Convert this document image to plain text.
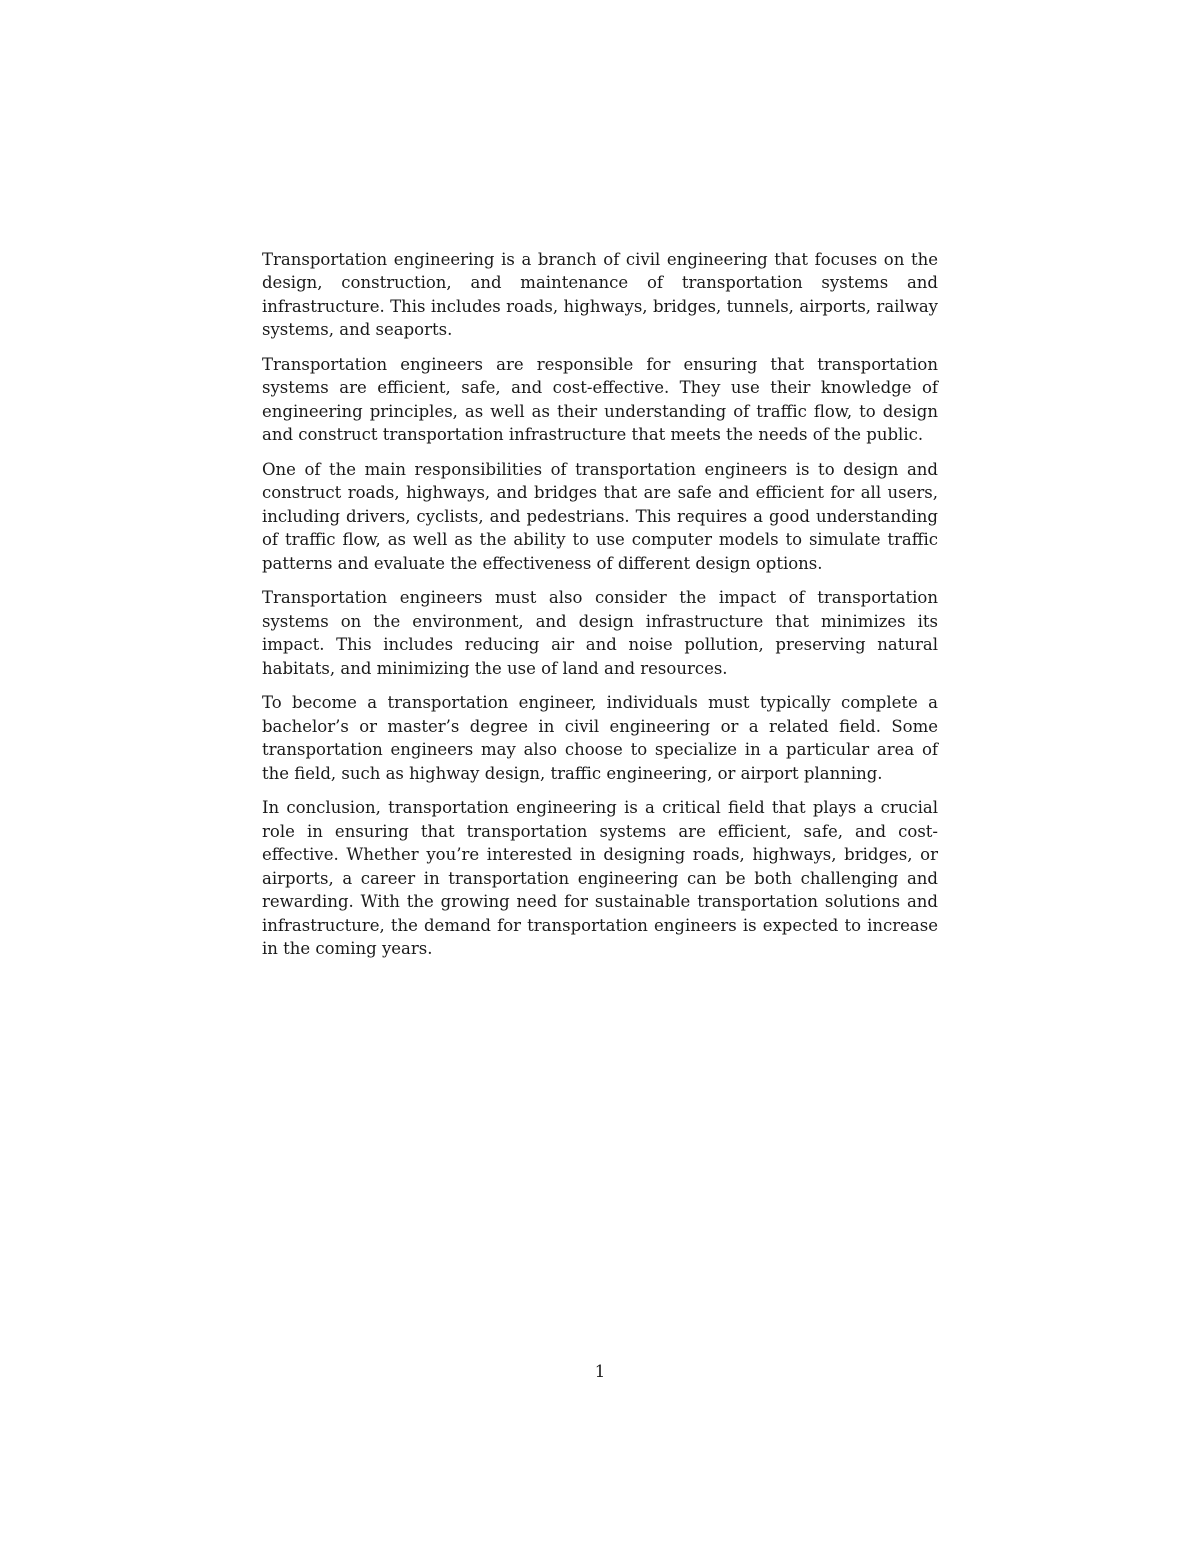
Transportation engineering is a branch of civil engineering that focuses on the design, construction, and maintenance of transportation systems and infrastructure. This includes roads, highways, bridges, tunnels, airports, railway systems, and seaports.

Transportation engineers are responsible for ensuring that transportation systems are efficient, safe, and cost-effective. They use their knowledge of engineering principles, as well as their understanding of traffic flow, to design and construct transportation infrastructure that meets the needs of the public.

One of the main responsibilities of transportation engineers is to design and construct roads, highways, and bridges that are safe and efficient for all users, including drivers, cyclists, and pedestrians. This requires a good understanding of traffic flow, as well as the ability to use computer models to simulate traffic patterns and evaluate the effectiveness of different design options.

Transportation engineers must also consider the impact of transportation systems on the environment, and design infrastructure that minimizes its impact. This includes reducing air and noise pollution, preserving natural habitats, and minimizing the use of land and resources.

To become a transportation engineer, individuals must typically complete a bachelor’s or master’s degree in civil engineering or a related field. Some transportation engineers may also choose to specialize in a particular area of the field, such as highway design, traffic engineering, or airport planning.

In conclusion, transportation engineering is a critical field that plays a crucial role in ensuring that transportation systems are efficient, safe, and cost-effective. Whether you’re interested in designing roads, highways, bridges, or airports, a career in transportation engineering can be both challenging and rewarding. With the growing need for sustainable transportation solutions and infrastructure, the demand for transportation engineers is expected to increase in the coming years.

1
